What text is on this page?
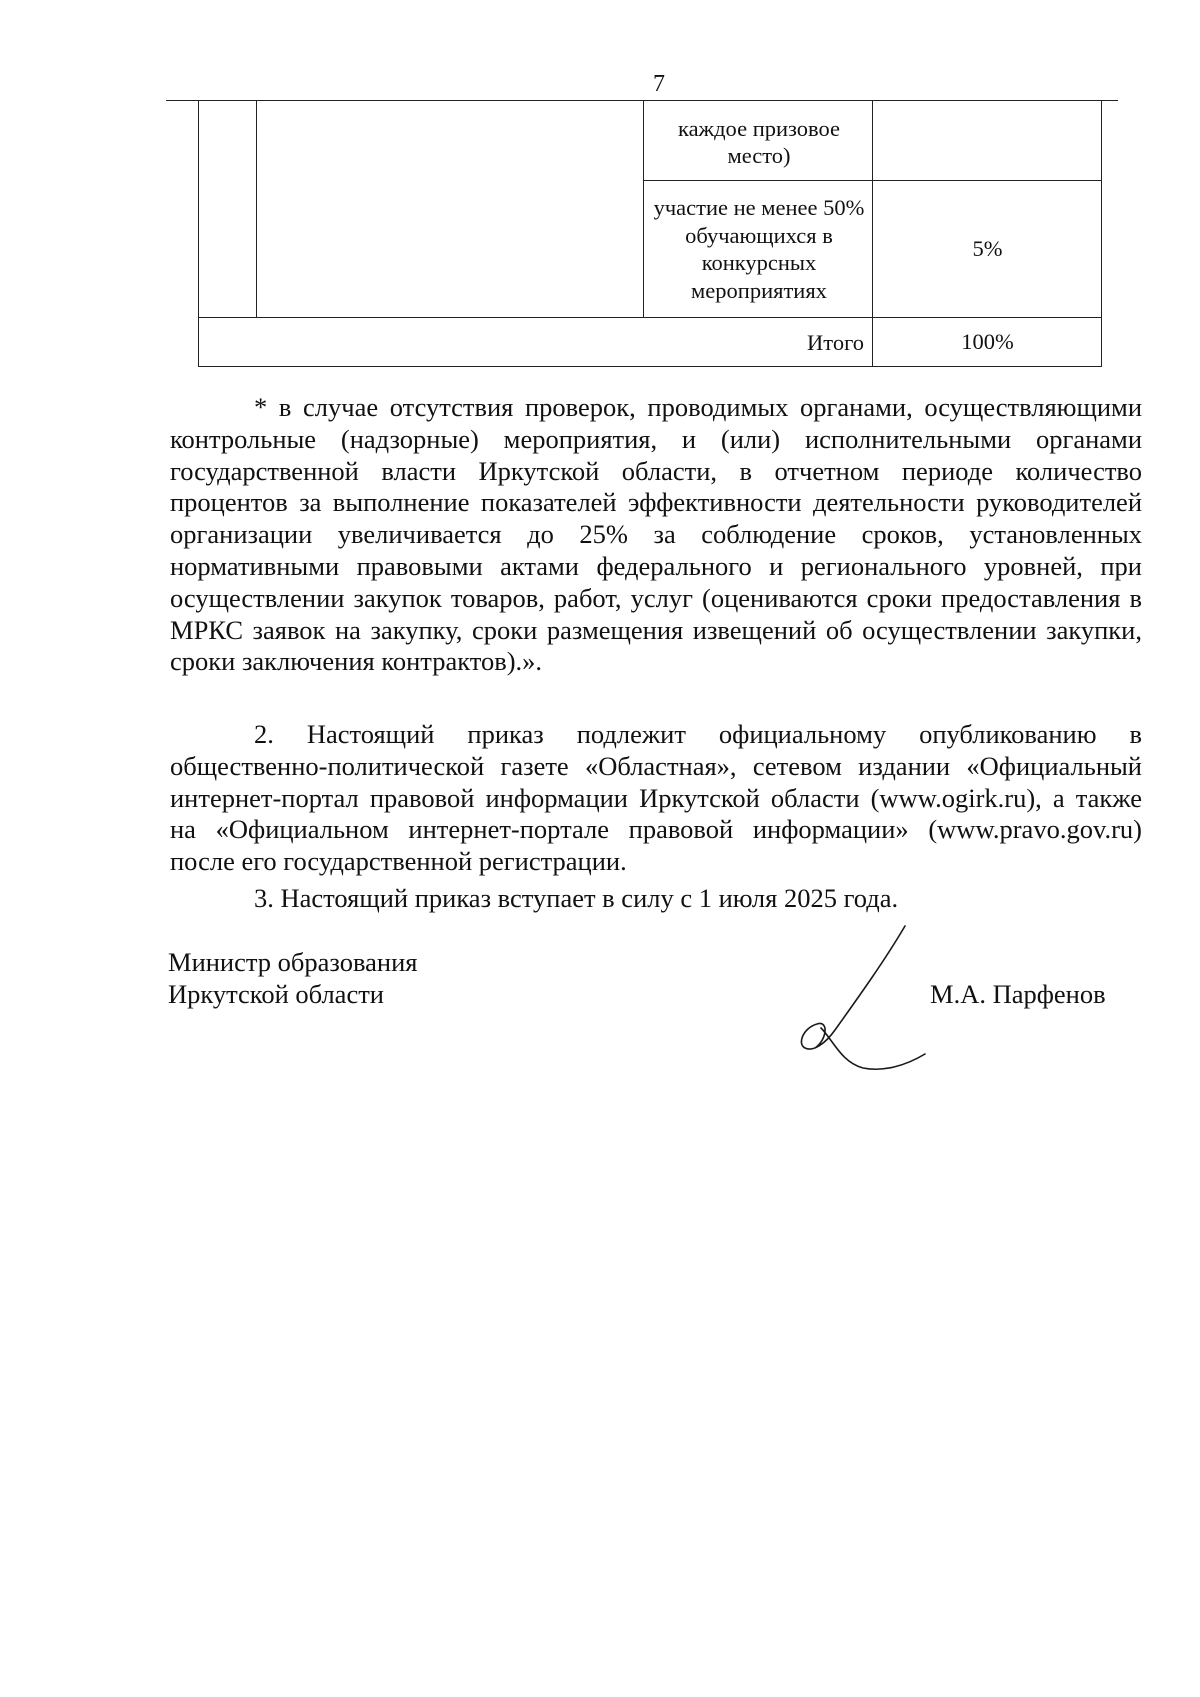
7
каждое призовое место)
участие не менее 50% обучающихся в конкурсных мероприятиях
5%
Итого	100%

* в случае отсутствия проверок, проводимых органами, осуществляющими контрольные (надзорные) мероприятия, и (или) исполнительными органами государственной власти Иркутской области, в отчетном периоде количество процентов за выполнение показателей эффективности деятельности руководителей организации увеличивается до 25% за соблюдение сроков, установленных нормативными правовыми актами федерального и регионального уровней, при осуществлении закупок товаров, работ, услуг (оцениваются сроки предоставления в МРКС заявок на закупку, сроки размещения извещений об осуществлении закупки, сроки заключения контрактов).».

2. Настоящий приказ подлежит официальному опубликованию в общественно-политической газете «Областная», сетевом издании «Официальный интернет-портал правовой информации Иркутской области (www.ogirk.ru), а также на «Официальном интернет-портале правовой информации» (www.pravo.gov.ru) после его государственной регистрации.

3. Настоящий приказ вступает в силу с 1 июля 2025 года.

Министр образования
Иркутской области	М.А. Парфенов
